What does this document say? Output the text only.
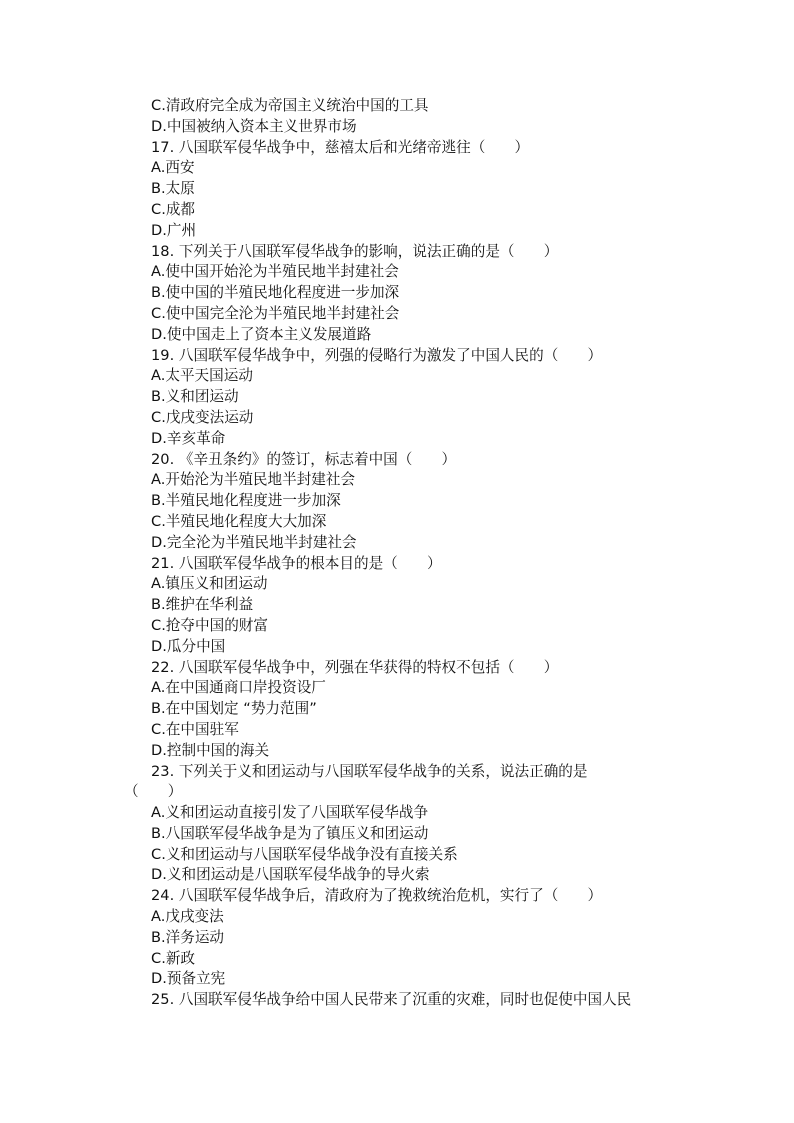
C.清政府完全成为帝国主义统治中国的工具
D.中国被纳入资本主义世界市场
17. 八国联军侵华战争中，慈禧太后和光绪帝逃往（　　）
A.西安
B.太原
C.成都
D.广州
18. 下列关于八国联军侵华战争的影响，说法正确的是（　　）
A.使中国开始沦为半殖民地半封建社会
B.使中国的半殖民地化程度进一步加深
C.使中国完全沦为半殖民地半封建社会
D.使中国走上了资本主义发展道路
19. 八国联军侵华战争中，列强的侵略行为激发了中国人民的（　　）
A.太平天国运动
B.义和团运动
C.戊戌变法运动
D.辛亥革命
20. 《辛丑条约》的签订，标志着中国（　　）
A.开始沦为半殖民地半封建社会
B.半殖民地化程度进一步加深
C.半殖民地化程度大大加深
D.完全沦为半殖民地半封建社会
21. 八国联军侵华战争的根本目的是（　　）
A.镇压义和团运动
B.维护在华利益
C.抢夺中国的财富
D.瓜分中国
22. 八国联军侵华战争中，列强在华获得的特权不包括（　　）
A.在中国通商口岸投资设厂
B.在中国划定 “势力范围”
C.在中国驻军
D.控制中国的海关
23. 下列关于义和团运动与八国联军侵华战争的关系，说法正确的是
（　　）
A.义和团运动直接引发了八国联军侵华战争
B.八国联军侵华战争是为了镇压义和团运动
C.义和团运动与八国联军侵华战争没有直接关系
D.义和团运动是八国联军侵华战争的导火索
24. 八国联军侵华战争后，清政府为了挽救统治危机，实行了（　　）
A.戊戌变法
B.洋务运动
C.新政
D.预备立宪
25. 八国联军侵华战争给中国人民带来了沉重的灾难，同时也促使中国人民
